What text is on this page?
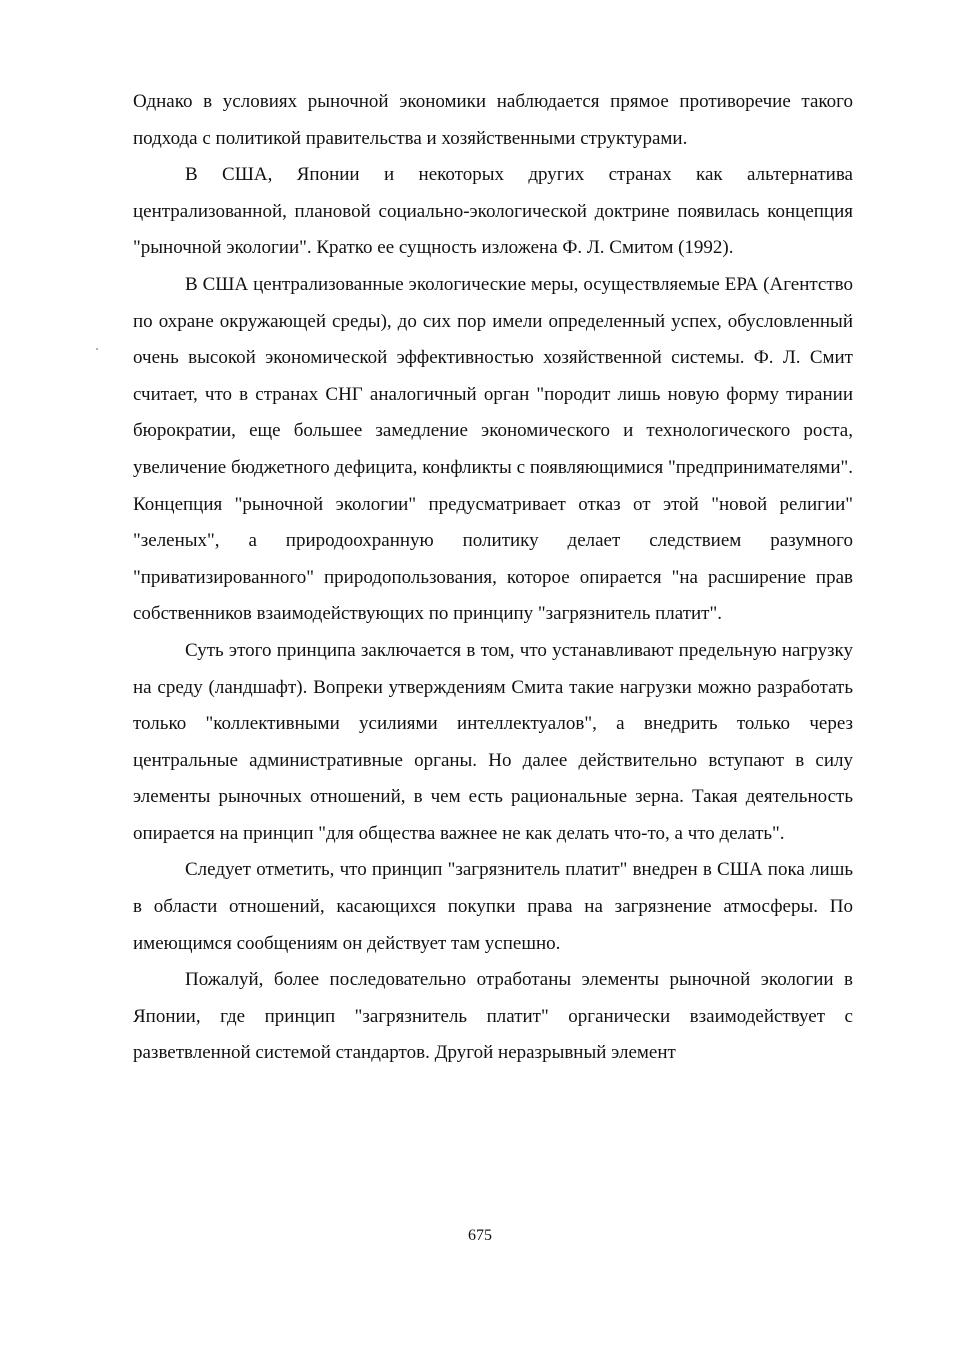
Однако в условиях рыночной экономики наблюдается прямое противоречие такого подхода с политикой правительства и хозяйственными структурами.

В США, Японии и некоторых других странах как альтернатива централизованной, плановой социально-экологической доктрине появилась концепция "рыночной экологии". Кратко ее сущность изложена Ф. Л. Смитом (1992).

В США централизованные экологические меры, осуществляемые ЕРА (Агентство по охране окружающей среды), до сих пор имели определенный успех, обусловленный очень высокой экономической эффективностью хозяйственной системы. Ф. Л. Смит считает, что в странах СНГ аналогичный орган "породит лишь новую форму тирании бюрократии, еще большее замедление экономического и технологического роста, увеличение бюджетного дефицита, конфликты с появляющимися "предпринимателями". Концепция "рыночной экологии" предусматривает отказ от этой "новой религии" "зеленых", а природоохранную политику делает следствием разумного "приватизированного" природопользования, которое опирается "на расширение прав собственников взаимодействующих по принципу "загрязнитель платит".

Суть этого принципа заключается в том, что устанавливают предельную нагрузку на среду (ландшафт). Вопреки утверждениям Смита такие нагрузки можно разработать только "коллективными усилиями интеллектуалов", а внедрить только через центральные административные органы. Но далее действительно вступают в силу элементы рыночных отношений, в чем есть рациональные зерна. Такая деятельность опирается на принцип "для общества важнее не как делать что-то, а что делать".

Следует отметить, что принцип "загрязнитель платит" внедрен в США пока лишь в области отношений, касающихся покупки права на загрязнение атмосферы. По имеющимся сообщениям он действует там успешно.

Пожалуй, более последовательно отработаны элементы рыночной экологии в Японии, где принцип "загрязнитель платит" органически взаимодействует с разветвленной системой стандартов. Другой неразрывный элемент

675
